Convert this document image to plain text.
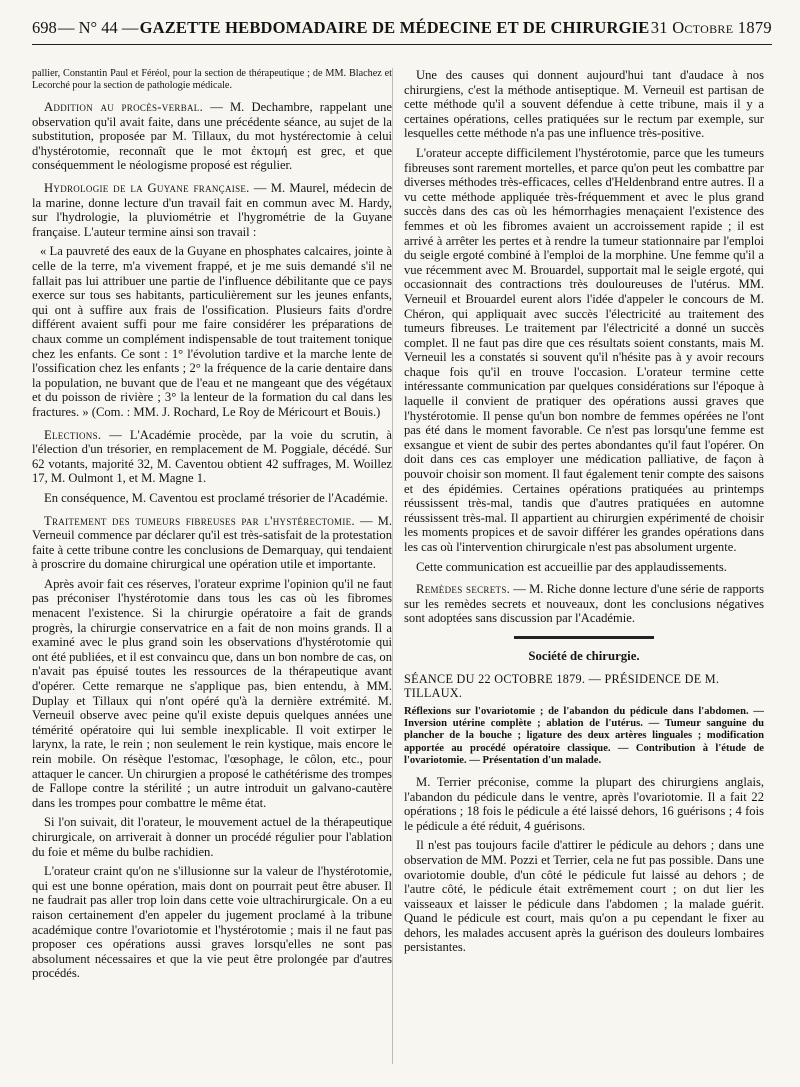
698 — N° 44 — GAZETTE HEBDOMADAIRE DE MÉDECINE ET DE CHIRURGIE 31 Octobre 1879

pallier, Constantin Paul et Féréol, pour la section de thérapeutique ; de MM. Blachez et Lecorché pour la section de pathologie médicale.

Addition au procès-verbal. — M. Dechambre, rappelant une observation qu'il avait faite, dans une précédente séance, au sujet de la substitution, proposée par M. Tillaux, du mot hystérectomie à celui d'hystérotomie, reconnaît que le mot ἐκτομή est grec, et que conséquemment le néologisme proposé est régulier.

Hydrologie de la Guyane française. — M. Maurel, médecin de la marine, donne lecture d'un travail fait en commun avec M. Hardy, sur l'hydrologie, la pluviométrie et l'hygrométrie de la Guyane française. L'auteur termine ainsi son travail :

« La pauvreté des eaux de la Guyane en phosphates calcaires, jointe à celle de la terre, m'a vivement frappé, et je me suis demandé s'il ne fallait pas lui attribuer une partie de l'influence débilitante que ce pays exerce sur tous ses habitants, particulièrement sur les jeunes enfants, qui ont à suffire aux frais de l'ossification. Plusieurs faits d'ordre différent avaient suffi pour me faire considérer les préparations de chaux comme un complément indispensable de tout traitement tonique chez les enfants. Ce sont : 1° l'évolution tardive et la marche lente de l'ossification chez les enfants ; 2° la fréquence de la carie dentaire dans la population, ne buvant que de l'eau et ne mangeant que des végétaux et du poisson de rivière ; 3° la lenteur de la formation du cal dans les fractures. » (Com. : MM. J. Rochard, Le Roy de Méricourt et Bouis.)

Elections. — L'Académie procède, par la voie du scrutin, à l'élection d'un trésorier, en remplacement de M. Poggiale, décédé. Sur 62 votants, majorité 32, M. Caventou obtient 42 suffrages, M. Woillez 17, M. Oulmont 1, et M. Magne 1.

En conséquence, M. Caventou est proclamé trésorier de l'Académie.

Traitement des tumeurs fibreuses par l'hystérectomie. — M. Verneuil commence par déclarer qu'il est très-satisfait de la protestation faite à cette tribune contre les conclusions de Demarquay, qui tendaient à proscrire du domaine chirurgical une opération utile et importante.

Après avoir fait ces réserves, l'orateur exprime l'opinion qu'il ne faut pas préconiser l'hystérotomie dans tous les cas où les fibromes menacent l'existence. Si la chirurgie opératoire a fait de grands progrès, la chirurgie conservatrice en a fait de non moins grands. Il a examiné avec le plus grand soin les observations d'hystérotomie qui ont été publiées, et il est convaincu que, dans un bon nombre de cas, on n'avait pas épuisé toutes les ressources de la thérapeutique avant d'opérer. Cette remarque ne s'applique pas, bien entendu, à MM. Duplay et Tillaux qui n'ont opéré qu'à la dernière extrémité. M. Verneuil observe avec peine qu'il existe depuis quelques années une témérité opératoire qui lui semble inexplicable. Il voit extirper le larynx, la rate, le rein ; non seulement le rein kystique, mais encore le rein mobile. On résèque l'estomac, l'œsophage, le côlon, etc., pour attaquer le cancer. Un chirurgien a proposé le cathétérisme des trompes de Fallope contre la stérilité ; un autre introduit un galvano-cautère dans les trompes pour combattre le même état.

Si l'on suivait, dit l'orateur, le mouvement actuel de la thérapeutique chirurgicale, on arriverait à donner un procédé régulier pour l'ablation du foie et même du bulbe rachidien.

L'orateur craint qu'on ne s'illusionne sur la valeur de l'hystérotomie, qui est une bonne opération, mais dont on pourrait peut être abuser. Il ne faudrait pas aller trop loin dans cette voie ultrachirurgicale. On a eu raison certainement d'en appeler du jugement proclamé à la tribune académique contre l'ovariotomie et l'hystérotomie ; mais il ne faut pas proposer ces opérations aussi graves lorsqu'elles ne sont pas absolument nécessaires et que la vie peut être prolongée par d'autres procédés.

Une des causes qui donnent aujourd'hui tant d'audace à nos chirurgiens, c'est la méthode antiseptique. M. Verneuil est partisan de cette méthode qu'il a souvent défendue à cette tribune, mais il y a certaines opérations, celles pratiquées sur le rectum par exemple, sur lesquelles cette méthode n'a pas une influence très-positive.

L'orateur accepte difficilement l'hystérotomie, parce que les tumeurs fibreuses sont rarement mortelles, et parce qu'on peut les combattre par diverses méthodes très-efficaces, celles d'Heldenbrand entre autres. Il a vu cette méthode appliquée très-fréquemment et avec le plus grand succès dans des cas où les hémorrhagies menaçaient l'existence des femmes et où les fibromes avaient un accroissement rapide ; il est arrivé à arrêter les pertes et à rendre la tumeur stationnaire par l'emploi du seigle ergoté combiné à l'emploi de la morphine. Une femme qu'il a vue récemment avec M. Brouardel, supportait mal le seigle ergoté, qui occasionnait des contractions très douloureuses de l'utérus. MM. Verneuil et Brouardel eurent alors l'idée d'appeler le concours de M. Chéron, qui appliquait avec succès l'électricité au traitement des tumeurs fibreuses. Le traitement par l'électricité a donné un succès complet. Il ne faut pas dire que ces résultats soient constants, mais M. Verneuil les a constatés si souvent qu'il n'hésite pas à y avoir recours chaque fois qu'il en trouve l'occasion. L'orateur termine cette intéressante communication par quelques considérations sur l'époque à laquelle il convient de pratiquer des opérations aussi graves que l'hystérotomie. Il pense qu'un bon nombre de femmes opérées ne l'ont pas été dans le moment favorable. Ce n'est pas lorsqu'une femme est exsangue et vient de subir des pertes abondantes qu'il faut l'opérer. On doit dans ces cas employer une médication palliative, de façon à pouvoir choisir son moment. Il faut également tenir compte des saisons et des épidémies. Certaines opérations pratiquées au printemps réussissent très-mal, tandis que d'autres pratiquées en automne réussissent très-mal. Il appartient au chirurgien expérimenté de choisir les moments propices et de savoir différer les grandes opérations dans les cas où l'intervention chirurgicale n'est pas absolument urgente.

Cette communication est accueillie par des applaudissements.

Remèdes secrets. — M. Riche donne lecture d'une série de rapports sur les remèdes secrets et nouveaux, dont les conclusions négatives sont adoptées sans discussion par l'Académie.

Société de chirurgie.

SÉANCE DU 22 OCTOBRE 1879. — PRÉSIDENCE DE M. TILLAUX.

Réflexions sur l'ovariotomie ; de l'abandon du pédicule dans l'abdomen. — Inversion utérine complète ; ablation de l'utérus. — Tumeur sanguine du plancher de la bouche ; ligature des deux artères linguales ; modification apportée au procédé opératoire classique. — Contribution à l'étude de l'ovariotomie. — Présentation d'un malade.

M. Terrier préconise, comme la plupart des chirurgiens anglais, l'abandon du pédicule dans le ventre, après l'ovariotomie. Il a fait 22 opérations ; 18 fois le pédicule a été laissé dehors, 16 guérisons ; 4 fois le pédicule a été réduit, 4 guérisons.

Il n'est pas toujours facile d'attirer le pédicule au dehors ; dans une observation de MM. Pozzi et Terrier, cela ne fut pas possible. Dans une ovariotomie double, d'un côté le pédicule fut laissé au dehors ; de l'autre côté, le pédicule était extrêmement court ; on dut lier les vaisseaux et laisser le pédicule dans l'abdomen ; la malade guérit. Quand le pédicule est court, mais qu'on a pu cependant le fixer au dehors, les malades accusent après la guérison des douleurs lombaires persistantes.
